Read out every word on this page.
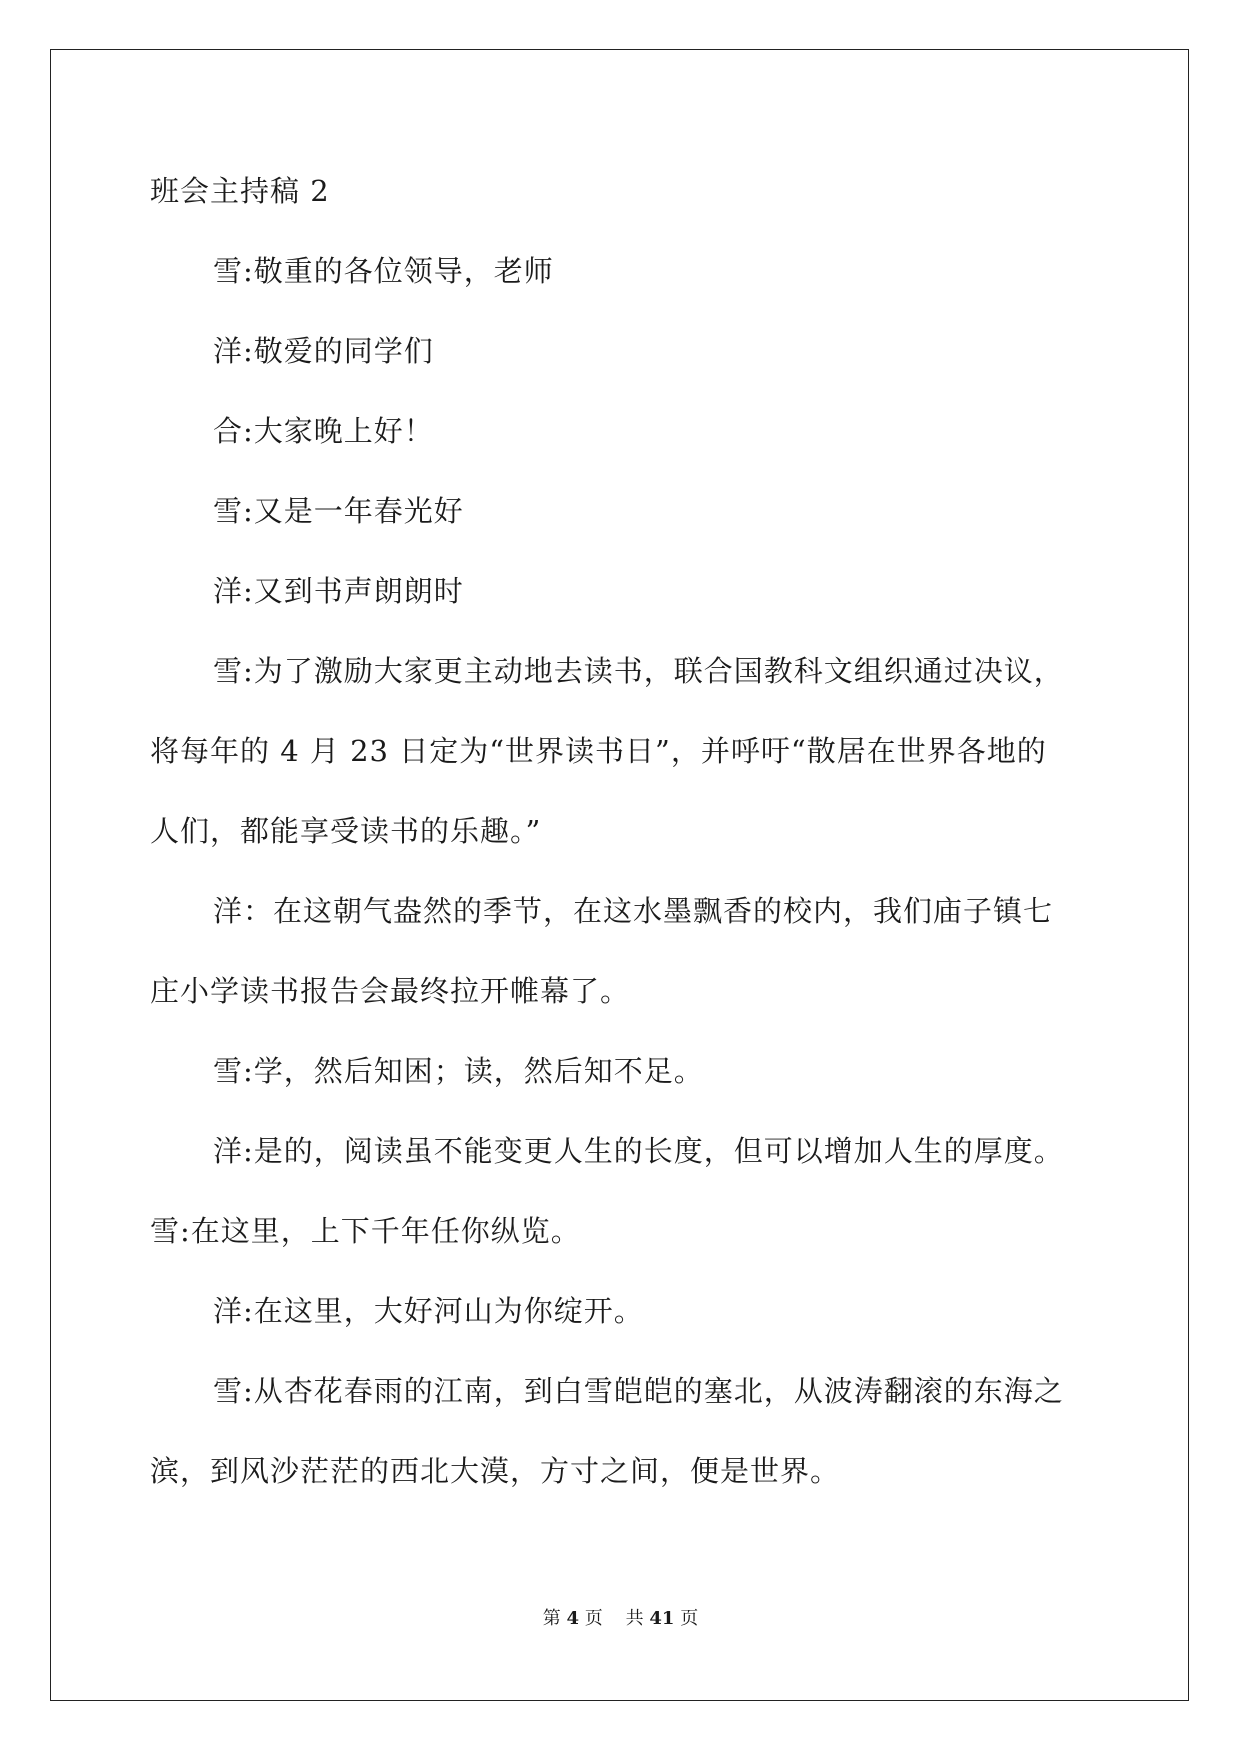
班会主持稿 2
雪:敬重的各位领导，老师
洋:敬爱的同学们
合:大家晚上好！
雪:又是一年春光好
洋:又到书声朗朗时
雪:为了激励大家更主动地去读书，联合国教科文组织通过决议，
将每年的 4 月 23 日定为“世界读书日”，并呼吁“散居在世界各地的
人们，都能享受读书的乐趣。”
洋：在这朝气盎然的季节，在这水墨飘香的校内，我们庙子镇七
庄小学读书报告会最终拉开帷幕了。
雪:学，然后知困；读，然后知不足。
洋:是的，阅读虽不能变更人生的长度，但可以增加人生的厚度。
雪:在这里，上下千年任你纵览。
洋:在这里，大好河山为你绽开。
雪:从杏花春雨的江南，到白雪皑皑的塞北，从波涛翻滚的东海之
滨，到风沙茫茫的西北大漠，方寸之间，便是世界。
第 4 页 共 41 页
